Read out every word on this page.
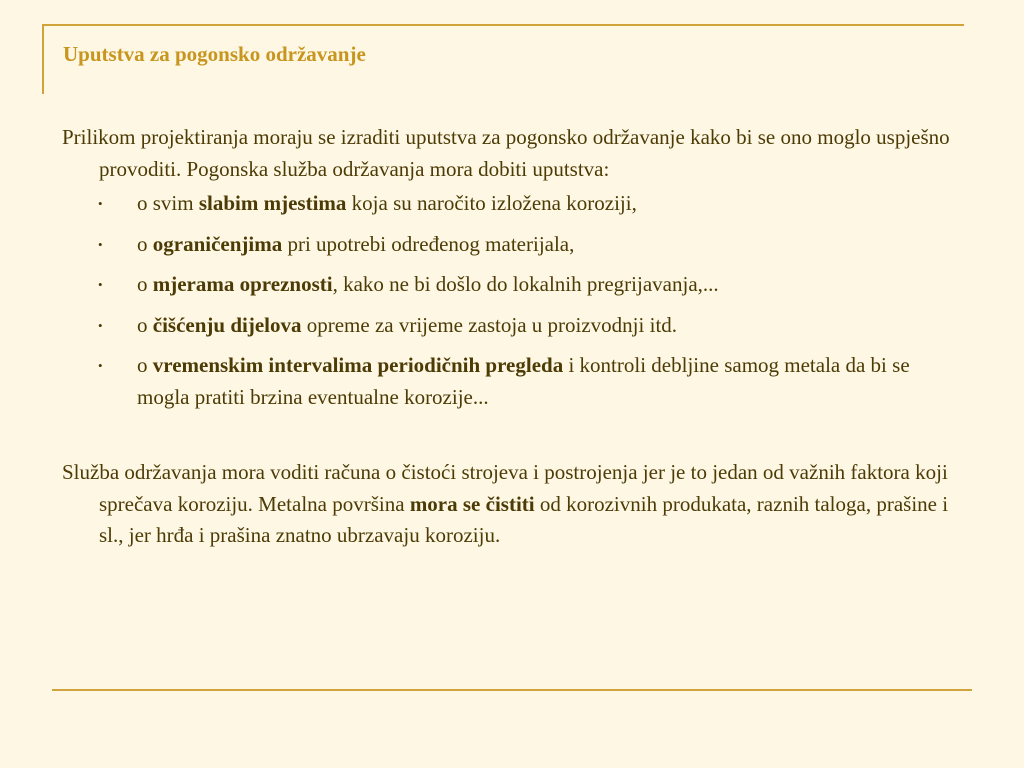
Uputstva za pogonsko održavanje

Prilikom projektiranja moraju se izraditi uputstva za pogonsko održavanje kako bi se ono moglo uspješno provoditi. Pogonska služba održavanja mora dobiti uputstva:

• o svim slabim mjestima koja su naročito izložena koroziji,
• o ograničenjima pri upotrebi određenog materijala,
• o mjerama opreznosti, kako ne bi došlo do lokalnih pregrijavanja,...
• o čišćenju dijelova opreme za vrijeme zastoja u proizvodnji itd.
• o vremenskim intervalima periodičnih pregleda i kontroli debljine samog metala da bi se mogla pratiti brzina eventualne korozije...

Služba održavanja mora voditi računa o čistoći strojeva i postrojenja jer je to jedan od važnih faktora koji sprečava koroziju. Metalna površina mora se čistiti od korozivnih produkata, raznih taloga, prašine i sl., jer hrđa i prašina znatno ubrzavaju koroziju.
